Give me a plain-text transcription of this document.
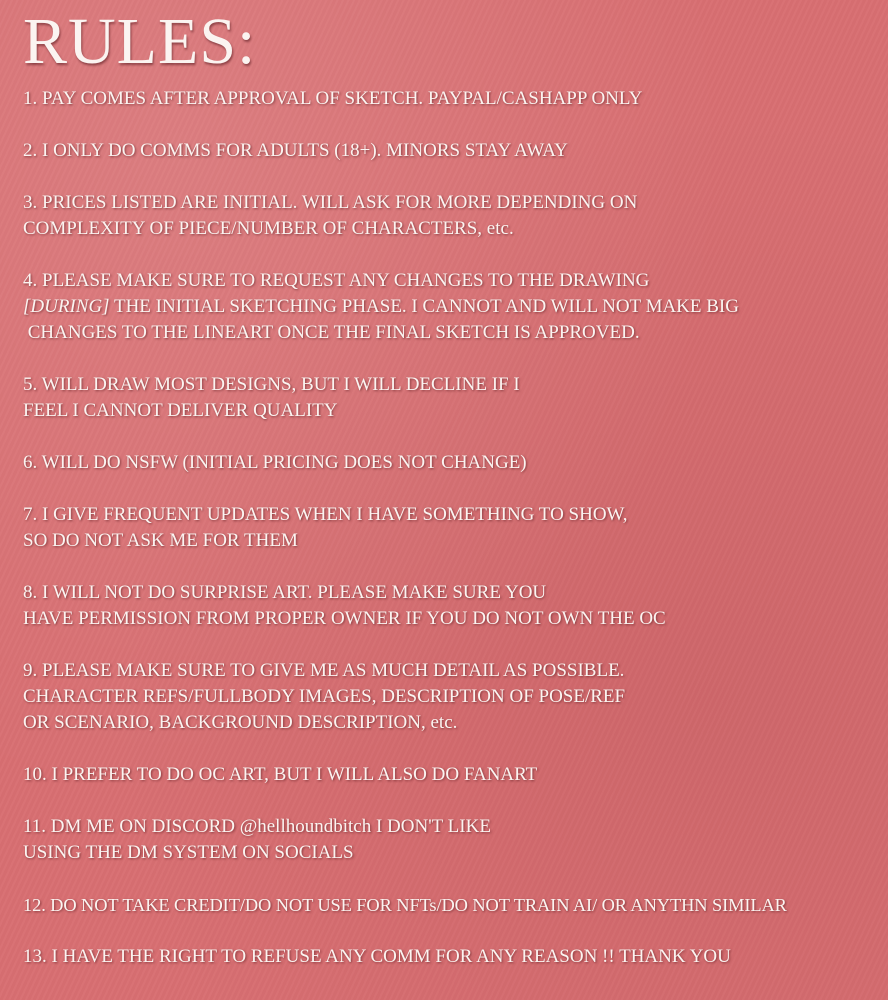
RULES:
1. PAY COMES AFTER APPROVAL OF SKETCH. PAYPAL/CASHAPP ONLY
2. I ONLY DO COMMS FOR ADULTS (18+). MINORS STAY AWAY
3. PRICES LISTED ARE INITIAL. WILL ASK FOR MORE DEPENDING ON
COMPLEXITY OF PIECE/NUMBER OF CHARACTERS, etc.
4. PLEASE MAKE SURE TO REQUEST ANY CHANGES TO THE DRAWING
[DURING] THE INITIAL SKETCHING PHASE. I CANNOT AND WILL NOT MAKE BIG
CHANGES TO THE LINEART ONCE THE FINAL SKETCH IS APPROVED.
5. WILL DRAW MOST DESIGNS, BUT I WILL DECLINE IF I
FEEL I CANNOT DELIVER QUALITY
6. WILL DO NSFW (INITIAL PRICING DOES NOT CHANGE)
7. I GIVE FREQUENT UPDATES WHEN I HAVE SOMETHING TO SHOW,
SO DO NOT ASK ME FOR THEM
8. I WILL NOT DO SURPRISE ART. PLEASE MAKE SURE YOU
HAVE PERMISSION FROM PROPER OWNER IF YOU DO NOT OWN THE OC
9. PLEASE MAKE SURE TO GIVE ME AS MUCH DETAIL AS POSSIBLE.
CHARACTER REFS/FULLBODY IMAGES, DESCRIPTION OF POSE/REF
OR SCENARIO, BACKGROUND DESCRIPTION, etc.
10. I PREFER TO DO OC ART, BUT I WILL ALSO DO FANART
11. DM ME ON DISCORD @hellhoundbitch I DON'T LIKE
USING THE DM SYSTEM ON SOCIALS
12. DO NOT TAKE CREDIT/DO NOT USE FOR NFTs/DO NOT TRAIN AI/ OR ANYTHN SIMILAR
13. I HAVE THE RIGHT TO REFUSE ANY COMM FOR ANY REASON !! THANK YOU
